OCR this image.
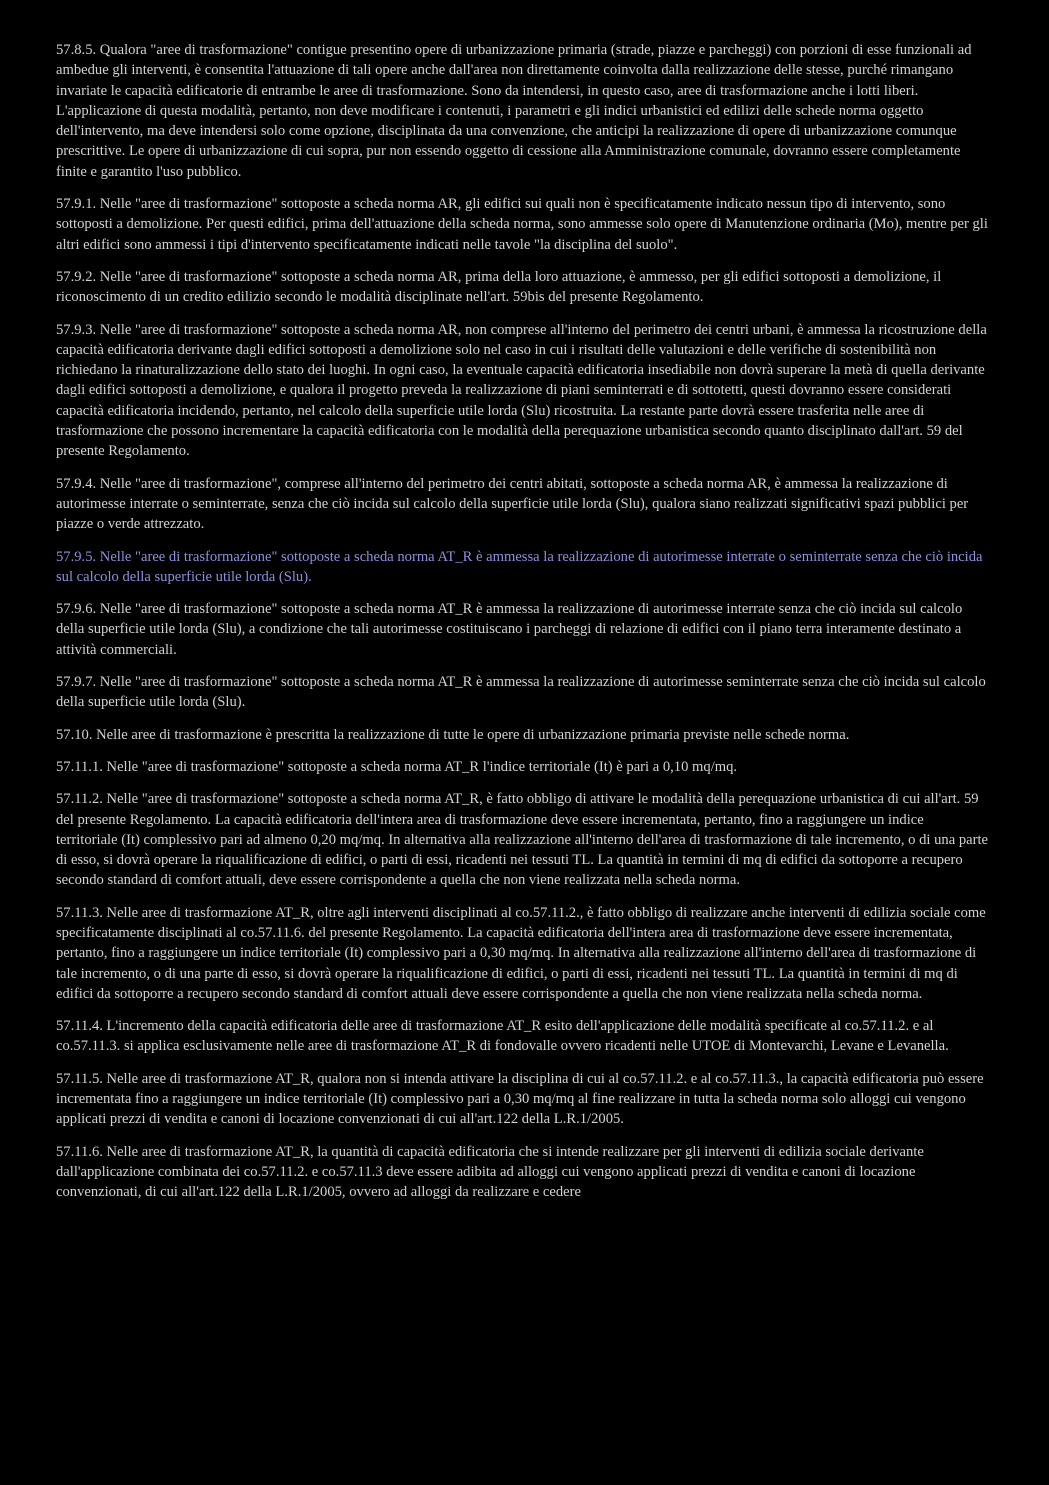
57.8.5. Qualora "aree di trasformazione" contigue presentino opere di urbanizzazione primaria (strade, piazze e parcheggi) con porzioni di esse funzionali ad ambedue gli interventi, è consentita l'attuazione di tali opere anche dall'area non direttamente coinvolta dalla realizzazione delle stesse, purché rimangano invariate le capacità edificatorie di entrambe le aree di trasformazione. Sono da intendersi, in questo caso, aree di trasformazione anche i lotti liberi. L'applicazione di questa modalità, pertanto, non deve modificare i contenuti, i parametri e gli indici urbanistici ed edilizi delle schede norma oggetto dell'intervento, ma deve intendersi solo come opzione, disciplinata da una convenzione, che anticipi la realizzazione di opere di urbanizzazione comunque prescrittive. Le opere di urbanizzazione di cui sopra, pur non essendo oggetto di cessione alla Amministrazione comunale, dovranno essere completamente finite e garantito l'uso pubblico.

57.9.1. Nelle "aree di trasformazione" sottoposte a scheda norma AR, gli edifici sui quali non è specificatamente indicato nessun tipo di intervento, sono sottoposti a demolizione. Per questi edifici, prima dell'attuazione della scheda norma, sono ammesse solo opere di Manutenzione ordinaria (Mo), mentre per gli altri edifici sono ammessi i tipi d'intervento specificatamente indicati nelle tavole "la disciplina del suolo".

57.9.2. Nelle "aree di trasformazione" sottoposte a scheda norma AR, prima della loro attuazione, è ammesso, per gli edifici sottoposti a demolizione, il riconoscimento di un credito edilizio secondo le modalità disciplinate nell'art. 59bis del presente Regolamento.

57.9.3. Nelle "aree di trasformazione" sottoposte a scheda norma AR, non comprese all'interno del perimetro dei centri urbani, è ammessa la ricostruzione della capacità edificatoria derivante dagli edifici sottoposti a demolizione solo nel caso in cui i risultati delle valutazioni e delle verifiche di sostenibilità non richiedano la rinaturalizzazione dello stato dei luoghi. In ogni caso, la eventuale capacità edificatoria insediabile non dovrà superare la metà di quella derivante dagli edifici sottoposti a demolizione, e qualora il progetto preveda la realizzazione di piani seminterrati e di sottotetti, questi dovranno essere considerati capacità edificatoria incidendo, pertanto, nel calcolo della superficie utile lorda (Slu) ricostruita. La restante parte dovrà essere trasferita nelle aree di trasformazione che possono incrementare la capacità edificatoria con le modalità della perequazione urbanistica secondo quanto disciplinato dall'art. 59 del presente Regolamento.

57.9.4. Nelle "aree di trasformazione", comprese all'interno del perimetro dei centri abitati, sottoposte a scheda norma AR, è ammessa la realizzazione di autorimesse interrate o seminterrate, senza che ciò incida sul calcolo della superficie utile lorda (Slu), qualora siano realizzati significativi spazi pubblici per piazze o verde attrezzato.

57.9.5. Nelle "aree di trasformazione" sottoposte a scheda norma AT_R è ammessa la realizzazione di autorimesse interrate o seminterrate senza che ciò incida sul calcolo della superficie utile lorda (Slu).

57.9.6. Nelle "aree di trasformazione" sottoposte a scheda norma AT_R è ammessa la realizzazione di autorimesse interrate senza che ciò incida sul calcolo della superficie utile lorda (Slu), a condizione che tali autorimesse costituiscano i parcheggi di relazione di edifici con il piano terra interamente destinato a attività commerciali.

57.9.7. Nelle "aree di trasformazione" sottoposte a scheda norma AT_R è ammessa la realizzazione di autorimesse seminterrate senza che ciò incida sul calcolo della superficie utile lorda (Slu).

57.10. Nelle aree di trasformazione è prescritta la realizzazione di tutte le opere di urbanizzazione primaria previste nelle schede norma.

57.11.1. Nelle "aree di trasformazione" sottoposte a scheda norma AT_R l'indice territoriale (It) è pari a 0,10 mq/mq.

57.11.2. Nelle "aree di trasformazione" sottoposte a scheda norma AT_R, è fatto obbligo di attivare le modalità della perequazione urbanistica di cui all'art. 59 del presente Regolamento. La capacità edificatoria dell'intera area di trasformazione deve essere incrementata, pertanto, fino a raggiungere un indice territoriale (It) complessivo pari ad almeno 0,20 mq/mq. In alternativa alla realizzazione all'interno dell'area di trasformazione di tale incremento, o di una parte di esso, si dovrà operare la riqualificazione di edifici, o parti di essi, ricadenti nei tessuti TL. La quantità in termini di mq di edifici da sottoporre a recupero secondo standard di comfort attuali, deve essere corrispondente a quella che non viene realizzata nella scheda norma.

57.11.3. Nelle aree di trasformazione AT_R, oltre agli interventi disciplinati al co.57.11.2., è fatto obbligo di realizzare anche interventi di edilizia sociale come specificatamente disciplinati al co.57.11.6. del presente Regolamento. La capacità edificatoria dell'intera area di trasformazione deve essere incrementata, pertanto, fino a raggiungere un indice territoriale (It) complessivo pari a 0,30 mq/mq. In alternativa alla realizzazione all'interno dell'area di trasformazione di tale incremento, o di una parte di esso, si dovrà operare la riqualificazione di edifici, o parti di essi, ricadenti nei tessuti TL. La quantità in termini di mq di edifici da sottoporre a recupero secondo standard di comfort attuali deve essere corrispondente a quella che non viene realizzata nella scheda norma.

57.11.4. L'incremento della capacità edificatoria delle aree di trasformazione AT_R esito dell'applicazione delle modalità specificate al co.57.11.2. e al co.57.11.3. si applica esclusivamente nelle aree di trasformazione AT_R di fondovalle ovvero ricadenti nelle UTOE di Montevarchi, Levane e Levanella.

57.11.5. Nelle aree di trasformazione AT_R, qualora non si intenda attivare la disciplina di cui al co.57.11.2. e al co.57.11.3., la capacità edificatoria può essere incrementata fino a raggiungere un indice territoriale (It) complessivo pari a 0,30 mq/mq al fine realizzare in tutta la scheda norma solo alloggi cui vengono applicati prezzi di vendita e canoni di locazione convenzionati di cui all'art.122 della L.R.1/2005.

57.11.6. Nelle aree di trasformazione AT_R, la quantità di capacità edificatoria che si intende realizzare per gli interventi di edilizia sociale derivante dall'applicazione combinata dei co.57.11.2. e co.57.11.3 deve essere adibita ad alloggi cui vengono applicati prezzi di vendita e canoni di locazione convenzionati, di cui all'art.122 della L.R.1/2005, ovvero ad alloggi da realizzare e cedere
